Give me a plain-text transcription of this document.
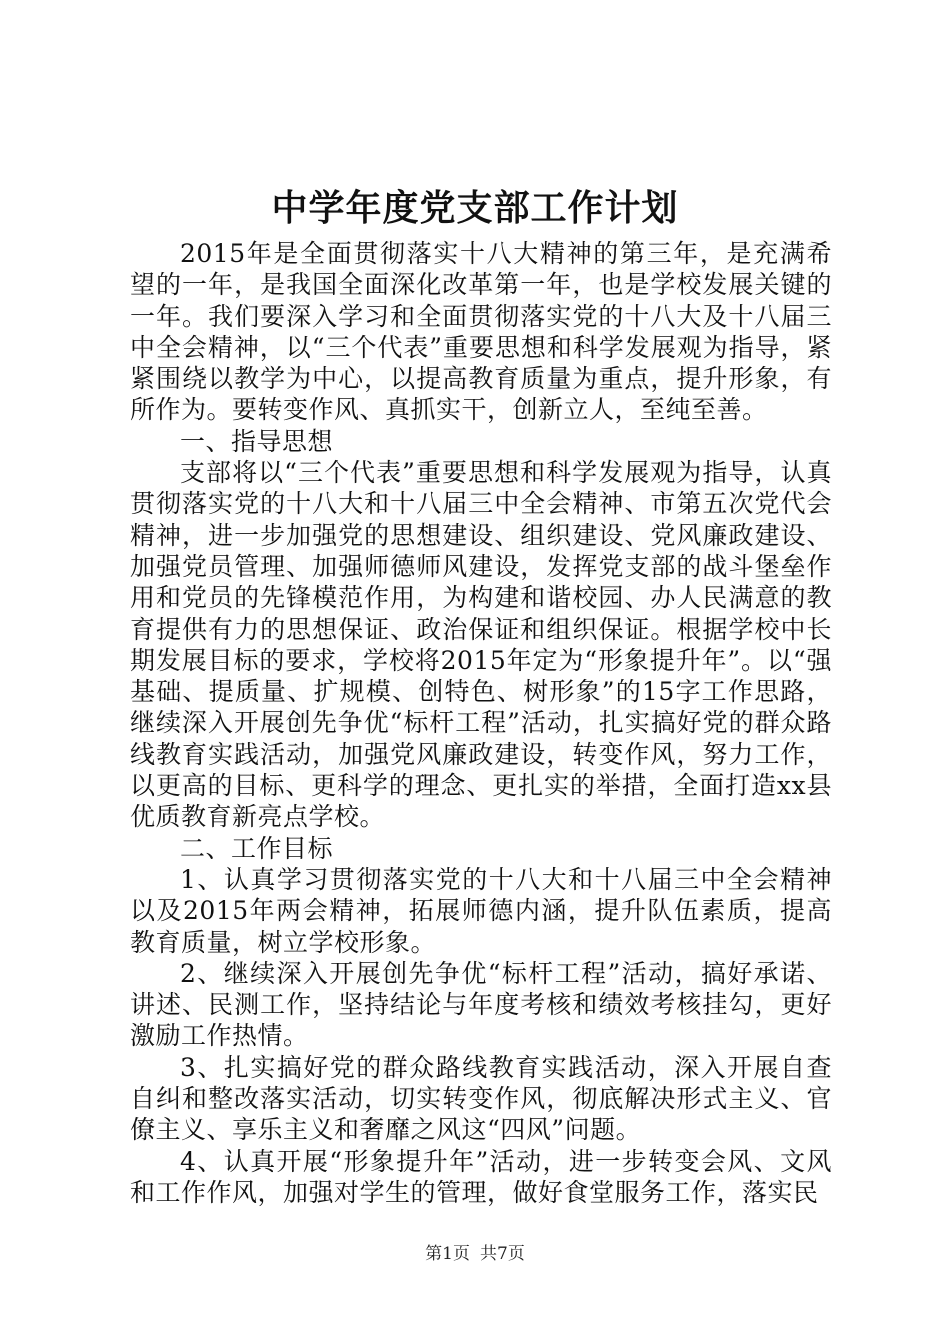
中学年度党支部工作计划

2015年是全面贯彻落实十八大精神的第三年，是充满希望的一年，是我国全面深化改革第一年，也是学校发展关键的一年。我们要深入学习和全面贯彻落实党的十八大及十八届三中全会精神，以“三个代表”重要思想和科学发展观为指导，紧紧围绕以教学为中心，以提高教育质量为重点，提升形象，有所作为。要转变作风、真抓实干，创新立人，至纯至善。

一、指导思想

支部将以“三个代表”重要思想和科学发展观为指导，认真贯彻落实党的十八大和十八届三中全会精神、市第五次党代会精神，进一步加强党的思想建设、组织建设、党风廉政建设、加强党员管理、加强师德师风建设，发挥党支部的战斗堡垒作用和党员的先锋模范作用，为构建和谐校园、办人民满意的教育提供有力的思想保证、政治保证和组织保证。根据学校中长期发展目标的要求，学校将2015年定为“形象提升年”。以“强基础、提质量、扩规模、创特色、树形象”的15字工作思路，继续深入开展创先争优“标杆工程”活动，扎实搞好党的群众路线教育实践活动，加强党风廉政建设，转变作风，努力工作，以更高的目标、更科学的理念、更扎实的举措，全面打造xx县优质教育新亮点学校。

二、工作目标

1、认真学习贯彻落实党的十八大和十八届三中全会精神以及2015年两会精神，拓展师德内涵，提升队伍素质，提高教育质量，树立学校形象。

2、继续深入开展创先争优“标杆工程”活动，搞好承诺、讲述、民测工作，坚持结论与年度考核和绩效考核挂勾，更好激励工作热情。

3、扎实搞好党的群众路线教育实践活动，深入开展自查自纠和整改落实活动，切实转变作风，彻底解决形式主义、官僚主义、享乐主义和奢靡之风这“四风”问题。

4、认真开展“形象提升年”活动，进一步转变会风、文风和工作作风，加强对学生的管理，做好食堂服务工作，落实民

第1页 共7页
